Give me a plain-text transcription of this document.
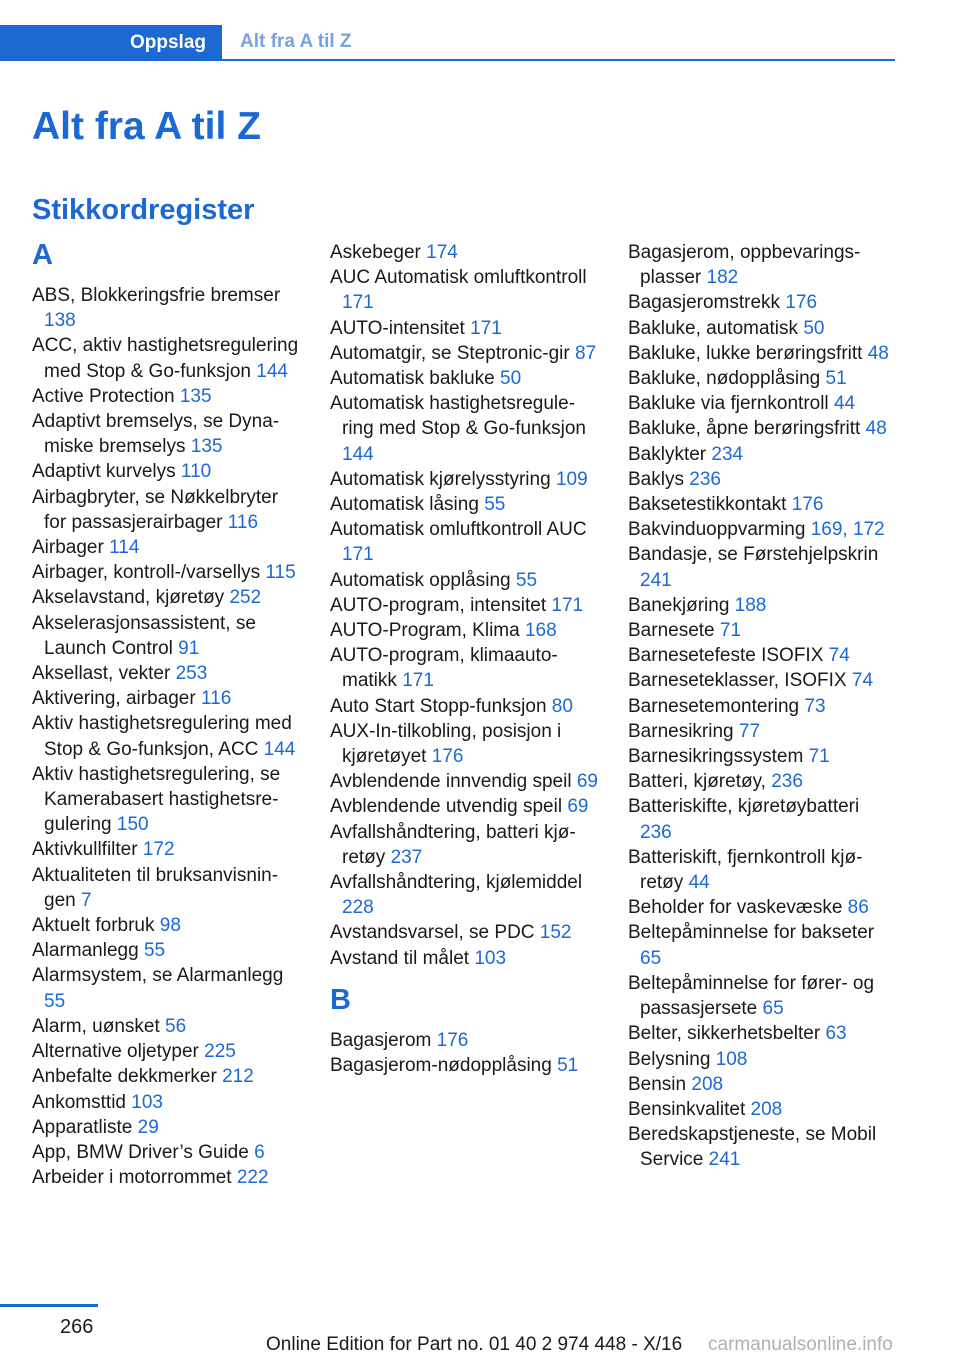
Oppslag	Alt fra A til Z
Alt fra A til Z
Stikkordregister
A
ABS, Blokkeringsfrie bremser 138
ACC, aktiv hastighetsregulering med Stop & Go-funksjon 144
Active Protection 135
Adaptivt bremselys, se Dynamiske bremselys 135
Adaptivt kurvelys 110
Airbagbryter, se Nøkkelbryter for passasjerairbager 116
Airbager 114
Airbager, kontroll-/varsellys 115
Akselavstand, kjøretøy 252
Akselerasjonsassistent, se Launch Control 91
Aksellast, vekter 253
Aktivering, airbager 116
Aktiv hastighetsregulering med Stop & Go-funksjon, ACC 144
Aktiv hastighetsregulering, se Kamerabasert hastighetsregulering 150
Aktivkullfilter 172
Aktualiteten til bruksanvisningen 7
Aktuelt forbruk 98
Alarmanlegg 55
Alarmsystem, se Alarmanlegg 55
Alarm, uønsket 56
Alternative oljetyper 225
Anbefalte dekkmerker 212
Ankomsttid 103
Apparatliste 29
App, BMW Driver’s Guide 6
Arbeider i motorrommet 222
Askebeger 174
AUC Automatisk omluftkontroll 171
AUTO-intensitet 171
Automatgir, se Steptronic-gir 87
Automatisk bakluke 50
Automatisk hastighetsregulering med Stop & Go-funksjon 144
Automatisk kjørelysstyring 109
Automatisk låsing 55
Automatisk omluftkontroll AUC 171
Automatisk opplåsing 55
AUTO-program, intensitet 171
AUTO-Program, Klima 168
AUTO-program, klimaautomatikk 171
Auto Start Stopp-funksjon 80
AUX-In-tilkobling, posisjon i kjøretøyet 176
Avblendende innvendig speil 69
Avblendende utvendig speil 69
Avfallshåndtering, batteri kjøretøy 237
Avfallshåndtering, kjølemiddel 228
Avstandsvarsel, se PDC 152
Avstand til målet 103
B
Bagasjerom 176
Bagasjerom-nødopplåsing 51
Bagasjerom, oppbevaringsplasser 182
Bagasjeromstrekk 176
Bakluke, automatisk 50
Bakluke, lukke berøringsfritt 48
Bakluke, nødopplåsing 51
Bakluke via fjernkontroll 44
Bakluke, åpne berøringsfritt 48
Baklykter 234
Baklys 236
Baksetestikkontakt 176
Bakvinduoppvarming 169, 172
Bandasje, se Førstehjelpskrin 241
Banekjøring 188
Barnesete 71
Barnesetefeste ISOFIX 74
Barneseteklasser, ISOFIX 74
Barnesetemontering 73
Barnesikring 77
Barnesikringssystem 71
Batteri, kjøretøy, 236
Batteriskifte, kjøretøybatteri 236
Batteriskift, fjernkontroll kjøretøy 44
Beholder for vaskevæske 86
Beltepåminnelse for bakseter 65
Beltepåminnelse for fører- og passasjersete 65
Belter, sikkerhetsbelter 63
Belysning 108
Bensin 208
Bensinkvalitet 208
Beredskapstjeneste, se Mobil Service 241
266
Online Edition for Part no. 01 40 2 974 448 - X/16 carmanualsonline.info
